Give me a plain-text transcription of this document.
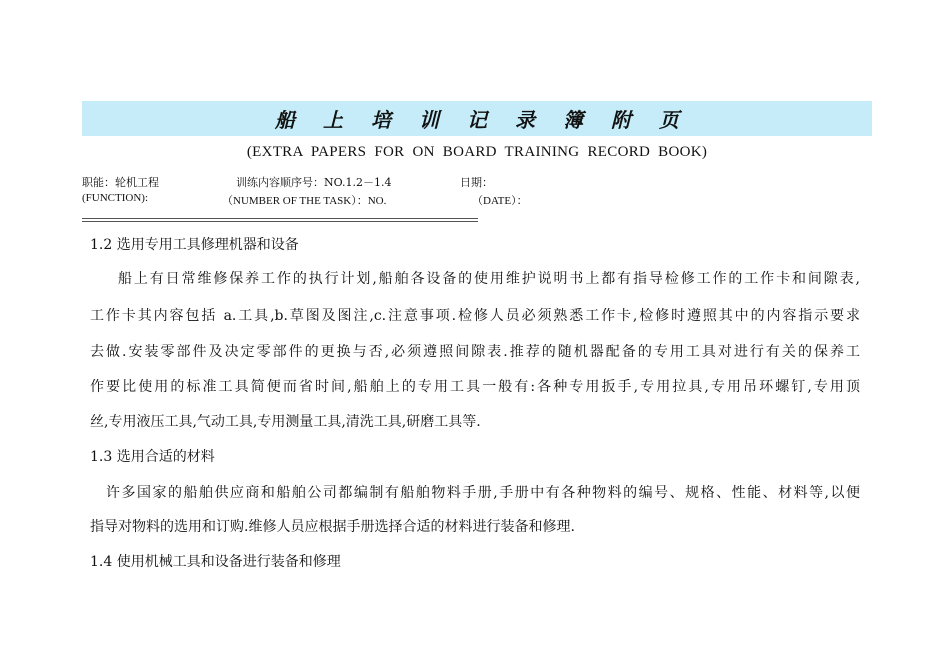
船上培训记录簿附页
(EXTRA PAPERS FOR ON BOARD TRAINING RECORD BOOK)
职能：轮机工程	训练内容顺序号：NO.1.2－1.4	日期：
(FUNCTION):	（NUMBER OF THE TASK）：NO.	（DATE）：
1.2 选用专用工具修理机器和设备
船上有日常维修保养工作的执行计划,船舶各设备的使用维护说明书上都有指导检修工作的工作卡和间隙表,
工作卡其内容包括 a.工具,b.草图及图注,c.注意事项.检修人员必须熟悉工作卡,检修时遵照其中的内容指示要求
去做.安装零部件及决定零部件的更换与否,必须遵照间隙表.推荐的随机器配备的专用工具对进行有关的保养工
作要比使用的标准工具简便而省时间,船舶上的专用工具一般有:各种专用扳手,专用拉具,专用吊环螺钉,专用顶
丝,专用液压工具,气动工具,专用测量工具,清洗工具,研磨工具等.
1.3 选用合适的材料
许多国家的船舶供应商和船舶公司都编制有船舶物料手册,手册中有各种物料的编号、规格、性能、材料等,以便
指导对物料的选用和订购.维修人员应根据手册选择合适的材料进行装备和修理.
1.4 使用机械工具和设备进行装备和修理
